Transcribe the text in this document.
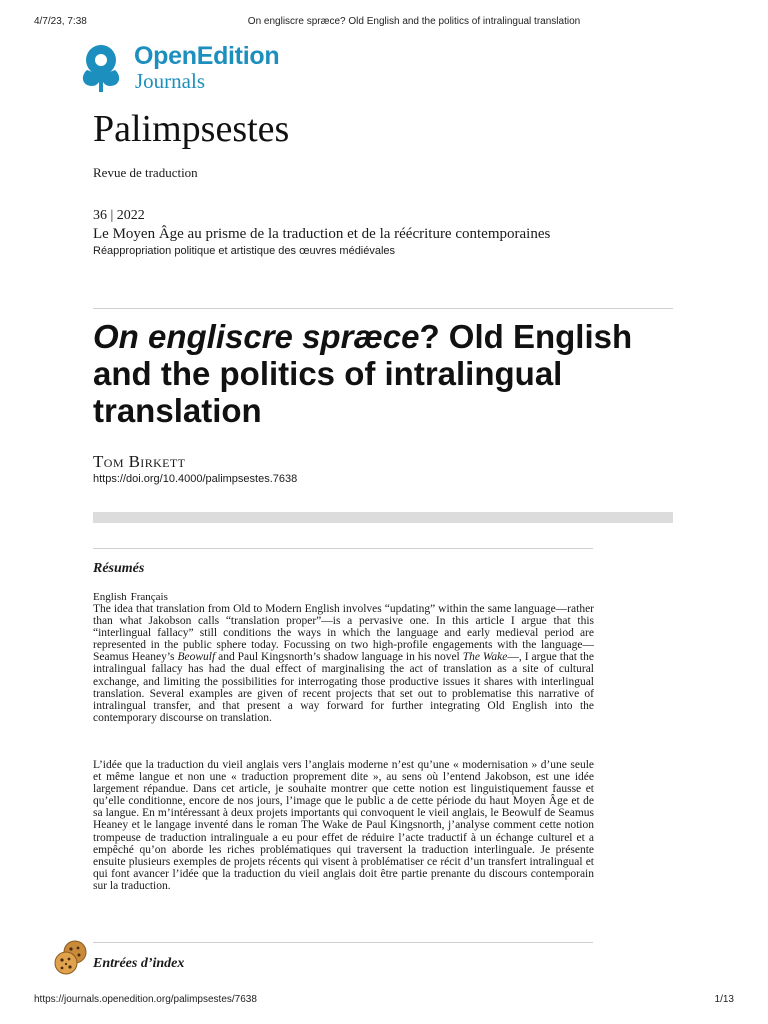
4/7/23, 7:38	On engliscre spræce? Old English and the politics of intralingual translation
OpenEdition
Journals
Palimpsestes
Revue de traduction
36 | 2022
Le Moyen Âge au prisme de la traduction et de la réécriture contemporaines
Réappropriation politique et artistique des œuvres médiévales
On engliscre spræce? Old English and the politics of intralingual translation
Tom Birkett
https://doi.org/10.4000/palimpsestes.7638
Résumés
English Français

The idea that translation from Old to Modern English involves “updating” within the same language—rather than what Jakobson calls “translation proper”—is a pervasive one. In this article I argue that this “interlingual fallacy” still conditions the ways in which the language and early medieval period are represented in the public sphere today. Focussing on two high-profile engagements with the language—Seamus Heaney’s Beowulf and Paul Kingsnorth’s shadow language in his novel The Wake—, I argue that the intralingual fallacy has had the dual effect of marginalising the act of translation as a site of cultural exchange, and limiting the possibilities for interrogating those productive issues it shares with interlingual translation. Several examples are given of recent projects that set out to problematise this narrative of intralingual transfer, and that present a way forward for further integrating Old English into the contemporary discourse on translation.

L’idée que la traduction du vieil anglais vers l’anglais moderne n’est qu’une « modernisation » d’une seule et même langue et non une « traduction proprement dite », au sens où l’entend Jakobson, est une idée largement répandue. Dans cet article, je souhaite montrer que cette notion est linguistiquement fausse et qu’elle conditionne, encore de nos jours, l’image que le public a de cette période du haut Moyen Âge et de sa langue. En m’intéressant à deux projets importants qui convoquent le vieil anglais, le Beowulf de Seamus Heaney et le langage inventé dans le roman The Wake de Paul Kingsnorth, j’analyse comment cette notion trompeuse de traduction intralinguale a eu pour effet de réduire l’acte traductif à un échange culturel et a empêché qu’on aborde les riches problématiques qui traversent la traduction interlinguale. Je présente ensuite plusieurs exemples de projets récents qui visent à problématiser ce récit d’un transfert intralingual et qui font avancer l’idée que la traduction du vieil anglais doit être partie prenante du discours contemporain sur la traduction.

Entrées d’index
https://journals.openedition.org/palimpsestes/7638	1/13
